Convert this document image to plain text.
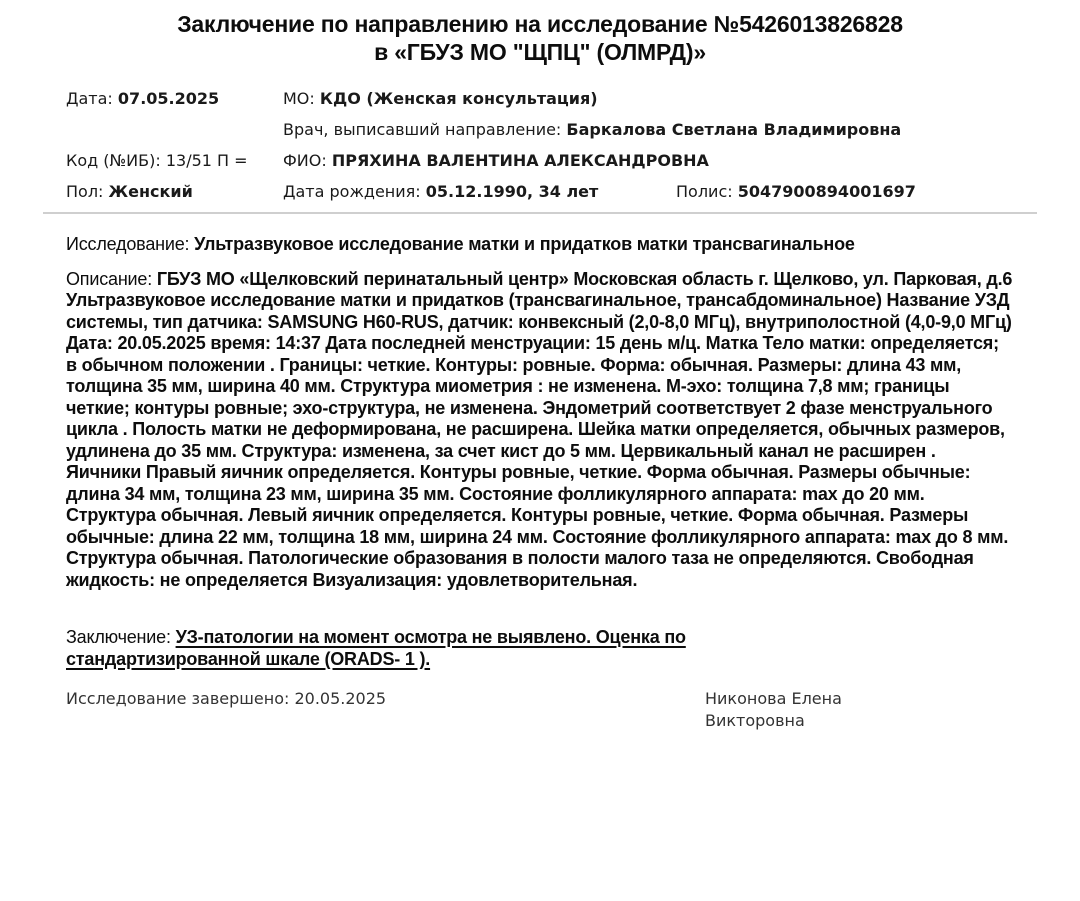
Заключение по направлению на исследование №5426013826828
в «ГБУЗ МО "ЩПЦ" (ОЛМРД)»
Дата: 07.05.2025	МО: КДО (Женская консультация)
Врач, выписавший направление: Баркалова Светлана Владимировна
Код (№ИБ): 13/51 П =	ФИО: ПРЯХИНА ВАЛЕНТИНА АЛЕКСАНДРОВНА
Пол: Женский	Дата рождения: 05.12.1990, 34 лет	Полис: 5047900894001697

Исследование: Ультразвуковое исследование матки и придатков матки трансвагинальное

Описание: ГБУЗ МО «Щелковский перинатальный центр» Московская область г. Щелково, ул. Парковая, д.6 Ультразвуковое исследование матки и придатков (трансвагинальное, трансабдоминальное) Название УЗД системы, тип датчика: SAMSUNG H60-RUS, датчик: конвексный (2,0-8,0 МГц), внутриполостной (4,0-9,0 МГц) Дата: 20.05.2025 время: 14:37 Дата последней менструации: 15 день м/ц. Матка Тело матки: определяется; в обычном положении . Границы: четкие. Контуры: ровные. Форма: обычная. Размеры: длина 43 мм, толщина 35 мм, ширина 40 мм. Структура миометрия : не изменена. М-эхо: толщина 7,8 мм; границы четкие; контуры ровные; эхо-структура, не изменена. Эндометрий соответствует 2 фазе менструального цикла . Полость матки не деформирована, не расширена. Шейка матки определяется, обычных размеров, удлинена до 35 мм. Структура: изменена, за счет кист до 5 мм. Цервикальный канал не расширен . Яичники Правый яичник определяется. Контуры ровные, четкие. Форма обычная. Размеры обычные: длина 34 мм, толщина 23 мм, ширина 35 мм. Состояние фолликулярного аппарата: max до 20 мм. Структура обычная. Левый яичник определяется. Контуры ровные, четкие. Форма обычная. Размеры обычные: длина 22 мм, толщина 18 мм, ширина 24 мм. Состояние фолликулярного аппарата: max до 8 мм. Структура обычная. Патологические образования в полости малого таза не определяются. Свободная жидкость: не определяется Визуализация: удовлетворительная.

Заключение: УЗ-патологии на момент осмотра не выявлено. Оценка по стандартизированной шкале (ORADS- 1 ).

Исследование завершено: 20.05.2025	Никонова Елена Викторовна
